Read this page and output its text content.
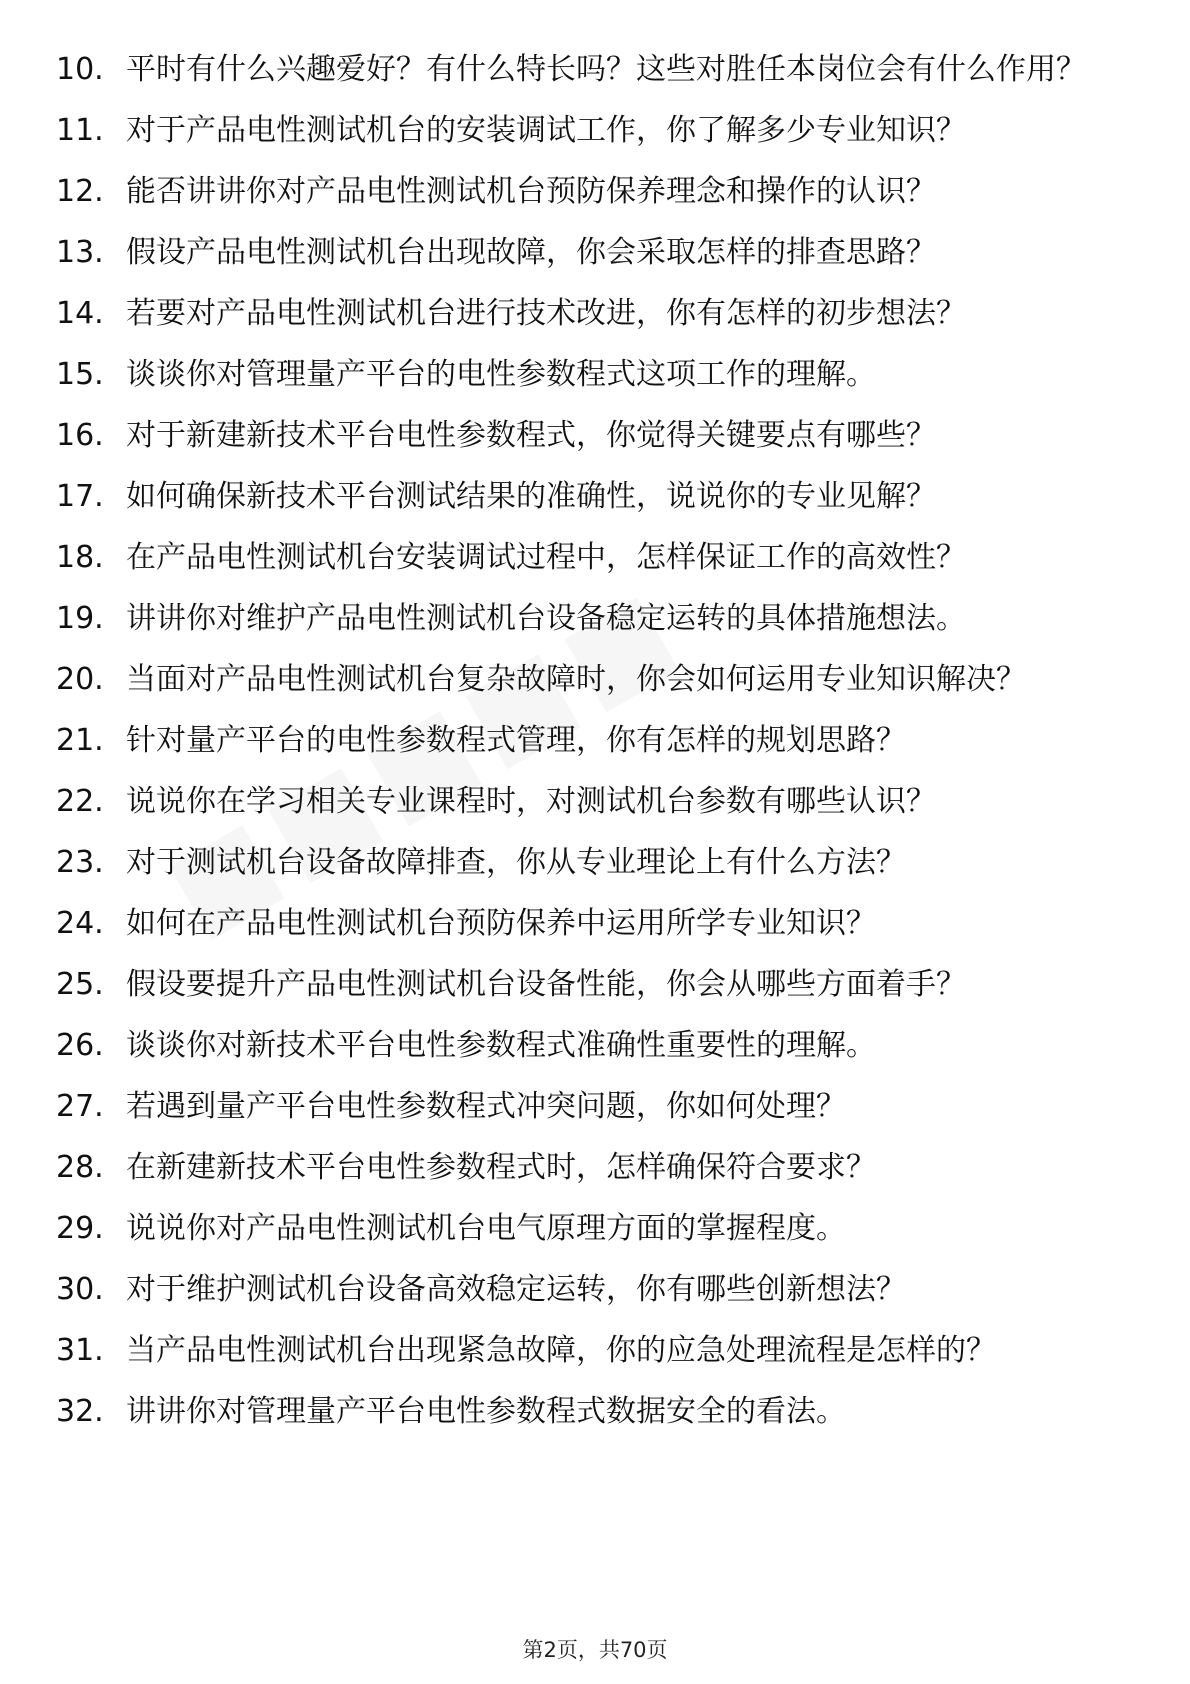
10. 平时有什么兴趣爱好？有什么特长吗？这些对胜任本岗位会有什么作用？
11. 对于产品电性测试机台的安装调试工作，你了解多少专业知识？
12. 能否讲讲你对产品电性测试机台预防保养理念和操作的认识？
13. 假设产品电性测试机台出现故障，你会采取怎样的排查思路？
14. 若要对产品电性测试机台进行技术改进，你有怎样的初步想法？
15. 谈谈你对管理量产平台的电性参数程式这项工作的理解。
16. 对于新建新技术平台电性参数程式，你觉得关键要点有哪些？
17. 如何确保新技术平台测试结果的准确性，说说你的专业见解？
18. 在产品电性测试机台安装调试过程中，怎样保证工作的高效性？
19. 讲讲你对维护产品电性测试机台设备稳定运转的具体措施想法。
20. 当面对产品电性测试机台复杂故障时，你会如何运用专业知识解决？
21. 针对量产平台的电性参数程式管理，你有怎样的规划思路？
22. 说说你在学习相关专业课程时，对测试机台参数有哪些认识？
23. 对于测试机台设备故障排查，你从专业理论上有什么方法？
24. 如何在产品电性测试机台预防保养中运用所学专业知识？
25. 假设要提升产品电性测试机台设备性能，你会从哪些方面着手？
26. 谈谈你对新技术平台电性参数程式准确性重要性的理解。
27. 若遇到量产平台电性参数程式冲突问题，你如何处理？
28. 在新建新技术平台电性参数程式时，怎样确保符合要求？
29. 说说你对产品电性测试机台电气原理方面的掌握程度。
30. 对于维护测试机台设备高效稳定运转，你有哪些创新想法？
31. 当产品电性测试机台出现紧急故障，你的应急处理流程是怎样的？
32. 讲讲你对管理量产平台电性参数程式数据安全的看法。
第2页，共70页
